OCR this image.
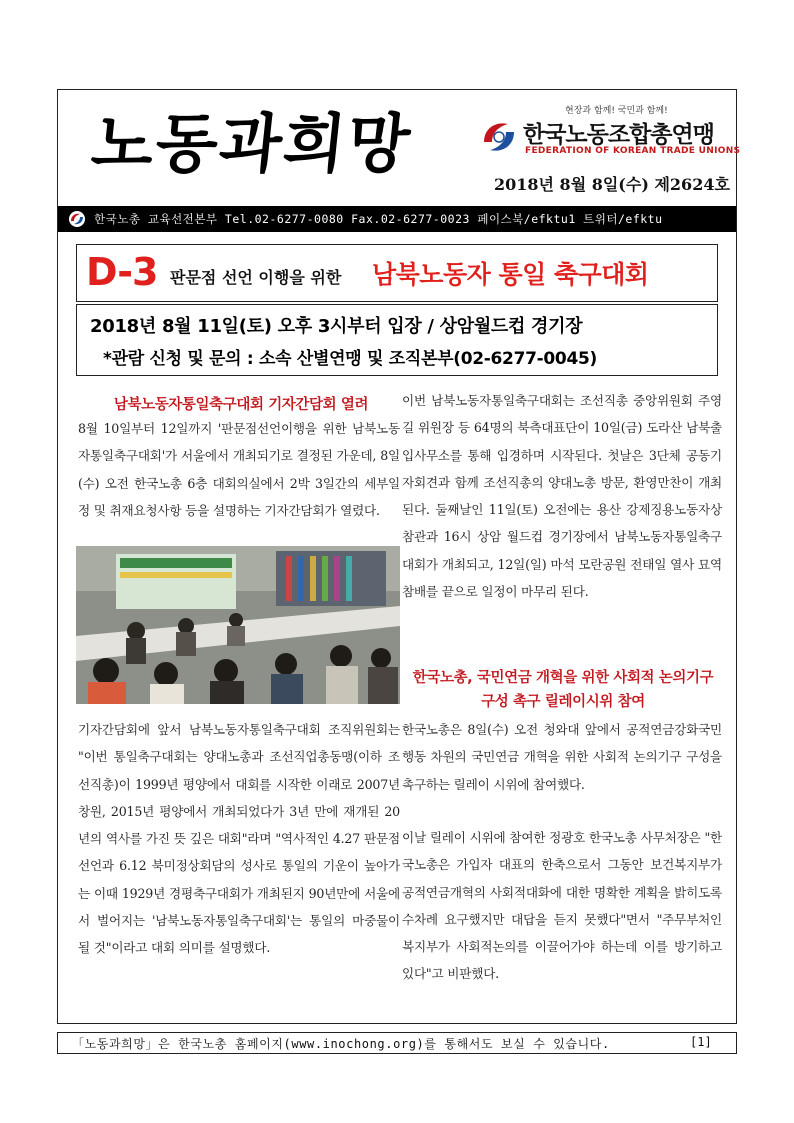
노동과희망	현장과 함께! 국민과 함께!
한국노동조합총연맹
FEDERATION OF KOREAN TRADE UNIONS
2018년 8월 8일(수) 제2624호
한국노총 교육선전본부 Tel.02-6277-0080 Fax.02-6277-0023 페이스북/efktu1 트위터/efktu
D-3 판문점 선언 이행을 위한 남북노동자 통일 축구대회
2018년 8월 11일(토) 오후 3시부터 입장 / 상암월드컵 경기장
*관람 신청 및 문의 : 소속 산별연맹 및 조직본부(02-6277-0045)
남북노동자통일축구대회 기자간담회 열려
8월 10일부터 12일까지 '판문점선언이행을 위한 남북노동자통일축구대회'가 서울에서 개최되기로 결정된 가운데, 8일(수) 오전 한국노총 6층 대회의실에서 2박 3일간의 세부일정 및 취재요청사항 등을 설명하는 기자간담회가 열렸다.
기자간담회에 앞서 남북노동자통일축구대회 조직위원회는 "이번 통일축구대회는 양대노총과 조선직업총동맹(이하 조선직총)이 1999년 평양에서 대회를 시작한 이래로 2007년 창원, 2015년 평양에서 개최되었다가 3년 만에 재개된 20년의 역사를 가진 뜻 깊은 대회"라며 "역사적인 4.27 판문점선언과 6.12 북미정상회담의 성사로 통일의 기운이 높아가는 이때 1929년 경평축구대회가 개최된지 90년만에 서울에서 벌어지는 '남북노동자통일축구대회'는 통일의 마중물이 될 것"이라고 대회 의미를 설명했다.
이번 남북노동자통일축구대회는 조선직총 중앙위원회 주영길 위원장 등 64명의 북측대표단이 10일(금) 도라산 남북출입사무소를 통해 입경하며 시작된다. 첫날은 3단체 공동기자회견과 함께 조선직총의 양대노총 방문, 환영만찬이 개최된다. 둘째날인 11일(토) 오전에는 용산 강제징용노동자상 참관과 16시 상암 월드컵 경기장에서 남북노동자통일축구대회가 개최되고, 12일(일) 마석 모란공원 전태일 열사 묘역 참배를 끝으로 일정이 마무리 된다.
한국노총, 국민연금 개혁을 위한 사회적 논의기구 구성 촉구 릴레이시위 참여
한국노총은 8일(수) 오전 청와대 앞에서 공적연금강화국민행동 차원의 국민연금 개혁을 위한 사회적 논의기구 구성을 촉구하는 릴레이 시위에 참여했다.
이날 릴레이 시위에 참여한 정광호 한국노총 사무처장은 "한국노총은 가입자 대표의 한축으로서 그동안 보건복지부가 공적연금개혁의 사회적대화에 대한 명확한 계획을 밝히도록 수차례 요구했지만 대답을 듣지 못했다"면서 "주무부처인 복지부가 사회적논의를 이끌어가야 하는데 이를 방기하고 있다"고 비판했다.
「노동과희망」은 한국노총 홈페이지(www.inochong.org)를 통해서도 보실 수 있습니다.	[1]
